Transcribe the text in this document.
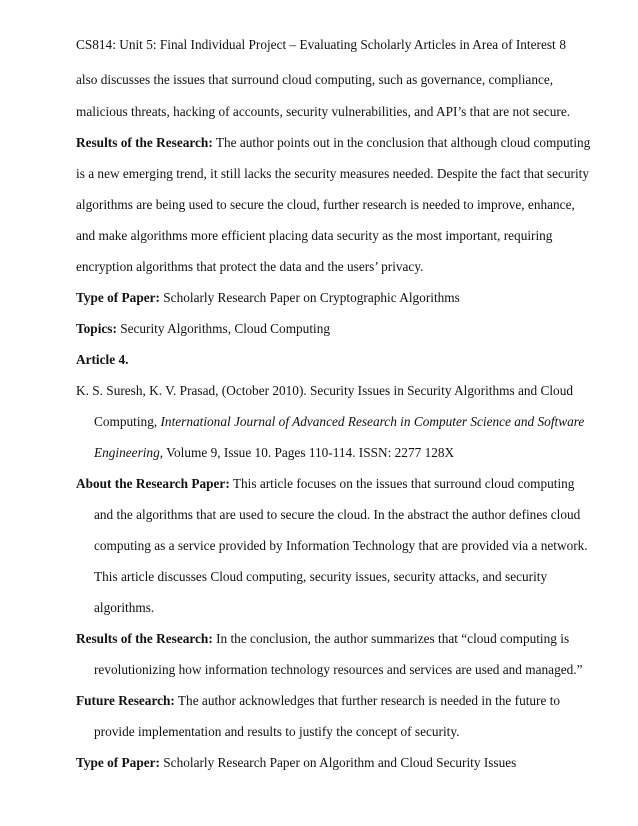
CS814: Unit 5: Final Individual Project – Evaluating Scholarly Articles in Area of Interest 8
also discusses the issues that surround cloud computing, such as governance, compliance,
malicious threats, hacking of accounts, security vulnerabilities, and API’s that are not secure.
Results of the Research: The author points out in the conclusion that although cloud computing
is a new emerging trend, it still lacks the security measures needed. Despite the fact that security
algorithms are being used to secure the cloud, further research is needed to improve, enhance,
and make algorithms more efficient placing data security as the most important, requiring
encryption algorithms that protect the data and the users’ privacy.
Type of Paper: Scholarly Research Paper on Cryptographic Algorithms
Topics: Security Algorithms, Cloud Computing
Article 4.
K. S. Suresh, K. V. Prasad, (October 2010). Security Issues in Security Algorithms and Cloud
Computing, International Journal of Advanced Research in Computer Science and Software
Engineering, Volume 9, Issue 10. Pages 110-114. ISSN: 2277 128X
About the Research Paper: This article focuses on the issues that surround cloud computing
and the algorithms that are used to secure the cloud. In the abstract the author defines cloud
computing as a service provided by Information Technology that are provided via a network.
This article discusses Cloud computing, security issues, security attacks, and security
algorithms.
Results of the Research: In the conclusion, the author summarizes that “cloud computing is
revolutionizing how information technology resources and services are used and managed.”
Future Research: The author acknowledges that further research is needed in the future to
provide implementation and results to justify the concept of security.
Type of Paper: Scholarly Research Paper on Algorithm and Cloud Security Issues
